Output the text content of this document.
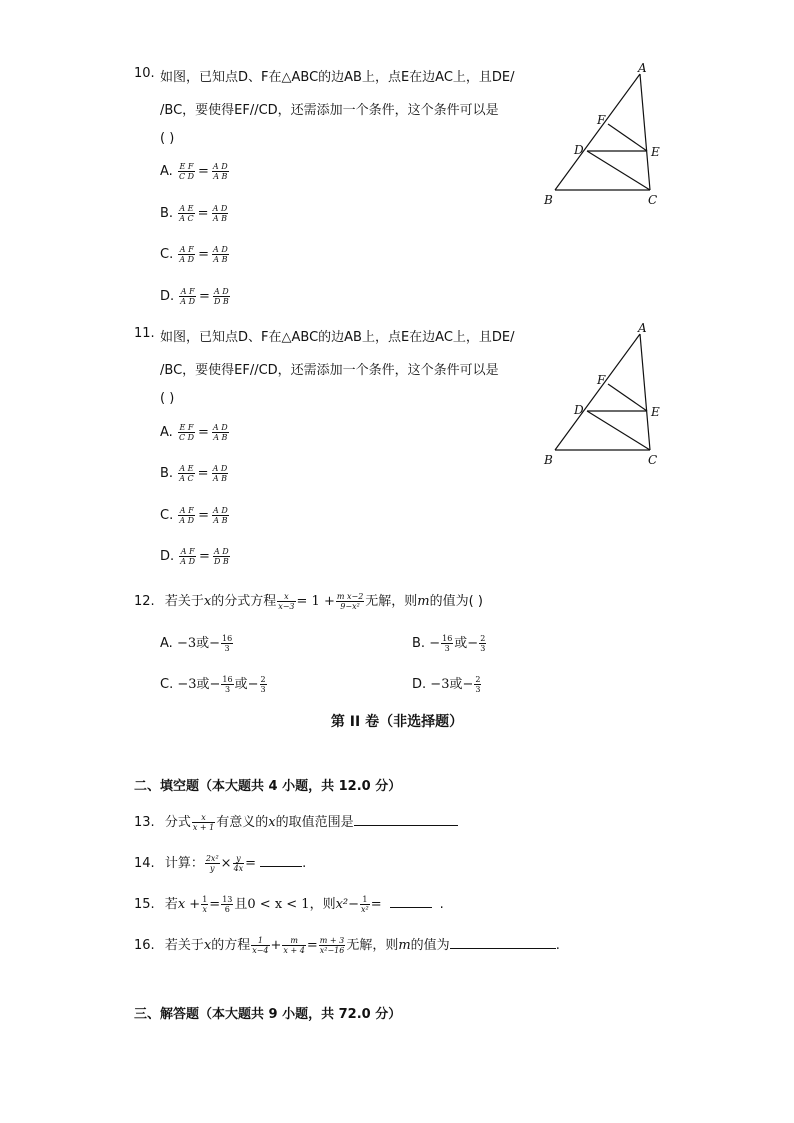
10. 如图，已知点D、F在△ABC的边AB上，点E在边AC上，且DE/
/BC，要使得EF//CD，还需添加一个条件，这个条件可以是
( )
A. $\frac{\text{E F}}{\text{C D}} = \frac{\text{A D}}{\text{A B}}$
B. $\frac{\text{A E}}{\text{A C}} = \frac{\text{A D}}{\text{A B}}$
C. $\frac{\text{A F}}{\text{A D}} = \frac{\text{A D}}{\text{A B}}$
D. $\frac{\text{A F}}{\text{A D}} = \frac{\text{A D}}{\text{D B}}$
A
B	C
D	E
F
11. 如图，已知点D、F在△ABC的边AB上，点E在边AC上，且DE/
/BC，要使得EF//CD，还需添加一个条件，这个条件可以是
( )
A. $\frac{\text{E F}}{\text{C D}} = \frac{\text{A D}}{\text{A B}}$
B. $\frac{\text{A E}}{\text{A C}} = \frac{\text{A D}}{\text{A B}}$
C. $\frac{\text{A F}}{\text{A D}} = \frac{\text{A D}}{\text{A B}}$
D. $\frac{\text{A F}}{\text{A D}} = \frac{\text{A D}}{\text{D B}}$
A
B	C
D	E
F
12. 若关于x的分式方程 $\frac{x}{x-3} = 1 + \frac{\text{m x−2}}{\text{9−x²}}$ 无解，则m的值为( )
A. −3或− $\frac{16}{3}$	B. − $\frac{16}{3}$ 或− $\frac{2}{3}$
C. −3或− $\frac{16}{3}$ 或− $\frac{2}{3}$	D. −3或− $\frac{2}{3}$
第 II 卷（非选择题）
二、填空题（本大题共 4 小题，共 12.0 分）
13. 分式 $\frac{x}{x + 1}$ 有意义的x的取值范围是
14. 计算： $\frac{\text{2x²}}{y} \times \frac{y}{4x}$ =	.
15. 若$x + \frac{1}{x} = \frac{13}{6}$ 且0 < x < 1，则$x^2- \frac{1}{\text{x²}}$ =	.
16. 若关于x的方程 $\frac{1}{x-4} + \frac{m}{x + 4} = \frac{m + 3}{\text{x²−16}}$ 无解，则m的值为	.
三、解答题（本大题共 9 小题，共 72.0 分）
